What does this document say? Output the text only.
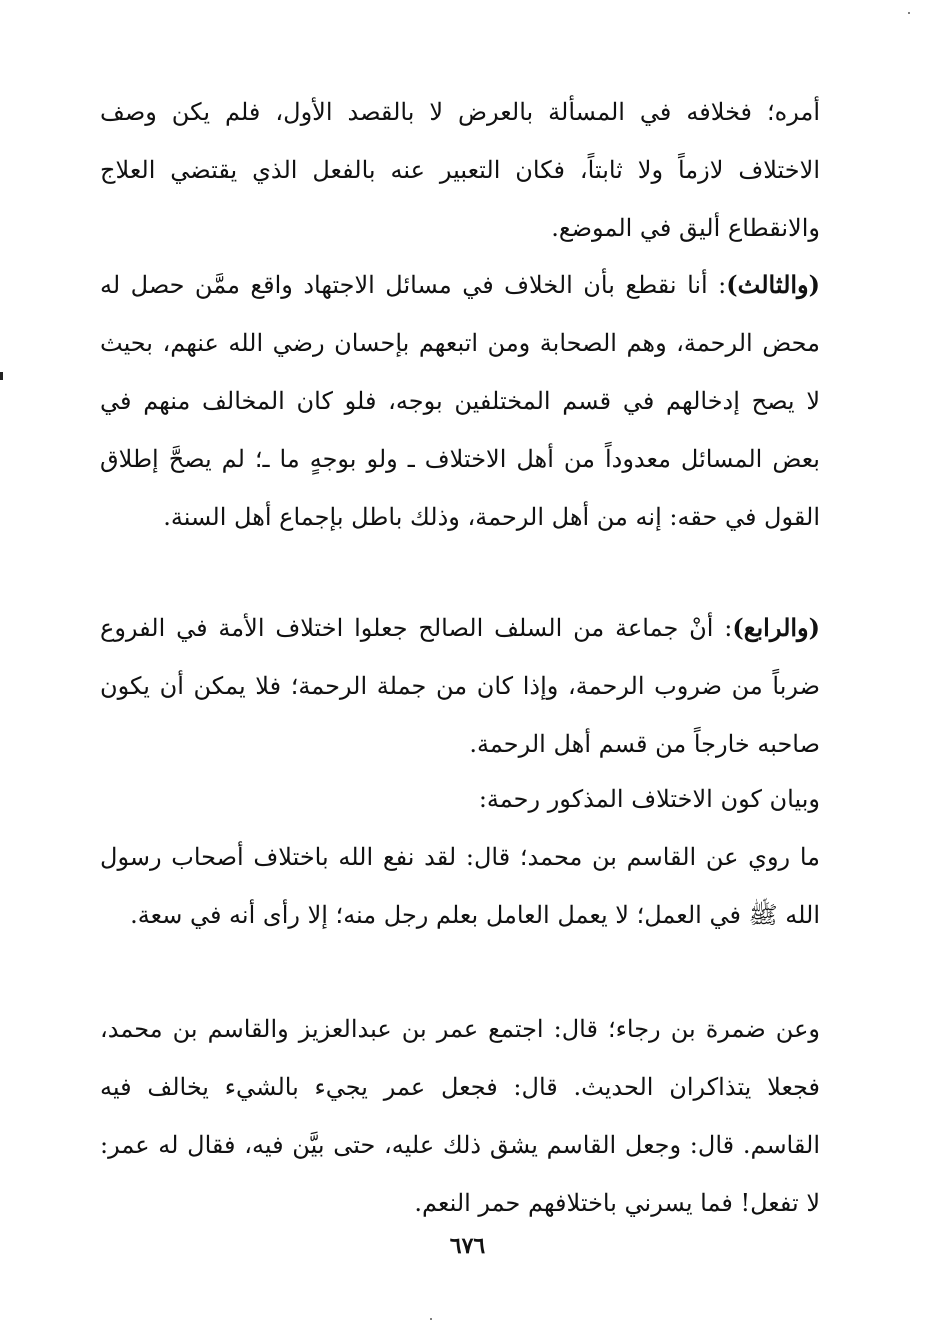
أمره؛ فخلافه في المسألة بالعرض لا بالقصد الأول، فلم يكن وصف الاختلاف لازماً ولا ثابتاً، فكان التعبير عنه بالفعل الذي يقتضي العلاج والانقطاع أليق في الموضع.

(والثالث): أنا نقطع بأن الخلاف في مسائل الاجتهاد واقع ممَّن حصل له محض الرحمة، وهم الصحابة ومن اتبعهم بإحسان رضي الله عنهم، بحيث لا يصح إدخالهم في قسم المختلفين بوجه، فلو كان المخالف منهم في بعض المسائل معدوداً من أهل الاختلاف ـ ولو بوجهٍ ما ـ؛ لم يصحَّ إطلاق القول في حقه: إنه من أهل الرحمة، وذلك باطل بإجماع أهل السنة.

(والرابع): أنْ جماعة من السلف الصالح جعلوا اختلاف الأمة في الفروع ضرباً من ضروب الرحمة، وإذا كان من جملة الرحمة؛ فلا يمكن أن يكون صاحبه خارجاً من قسم أهل الرحمة.

وبيان كون الاختلاف المذكور رحمة:

ما روي عن القاسم بن محمد؛ قال: لقد نفع الله باختلاف أصحاب رسول الله ﷺ في العمل؛ لا يعمل العامل بعلم رجل منه؛ إلا رأى أنه في سعة.

وعن ضمرة بن رجاء؛ قال: اجتمع عمر بن عبدالعزيز والقاسم بن محمد، فجعلا يتذاكران الحديث. قال: فجعل عمر يجيء بالشيء يخالف فيه القاسم. قال: وجعل القاسم يشق ذلك عليه، حتى بيَّن فيه، فقال له عمر: لا تفعل! فما يسرني باختلافهم حمر النعم.

٦٧٦
